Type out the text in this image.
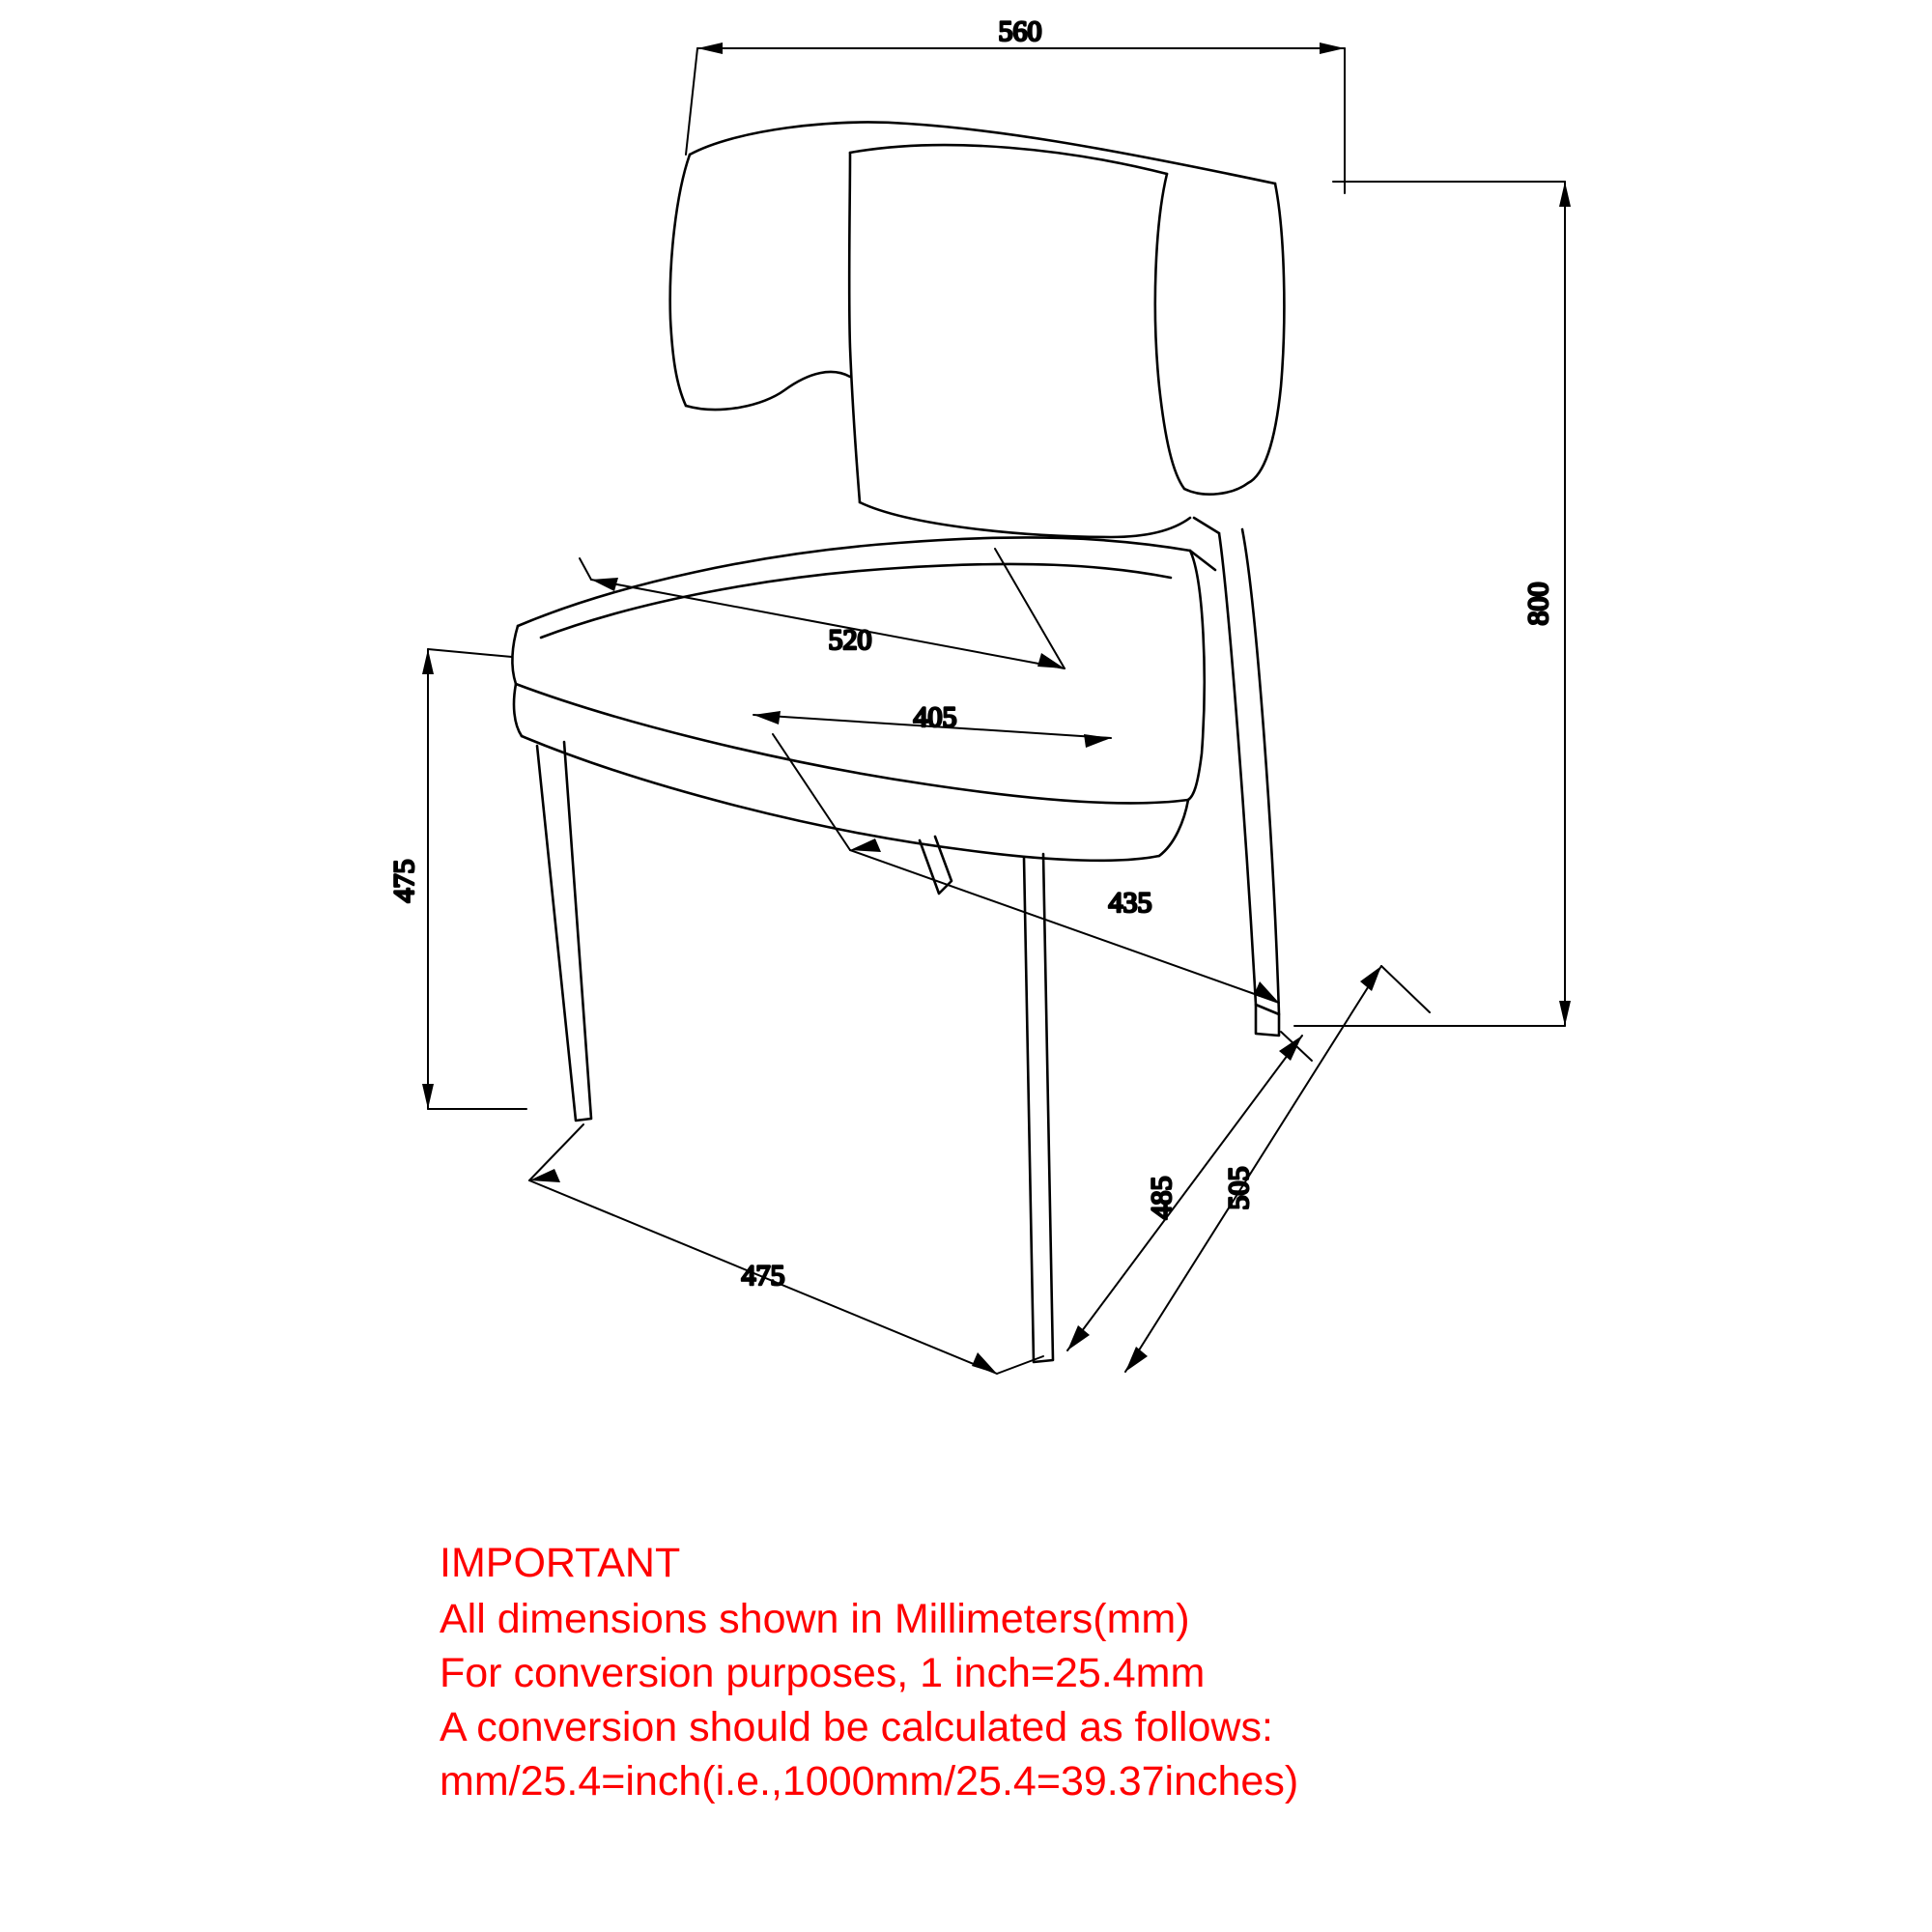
560
800
520
405
435
475
475
485 505
IMPORTANT
All dimensions shown in Millimeters(mm)
For conversion purposes, 1 inch=25.4mm
A conversion should be calculated as follows:
mm/25.4=inch(i.e.,1000mm/25.4=39.37inches)
